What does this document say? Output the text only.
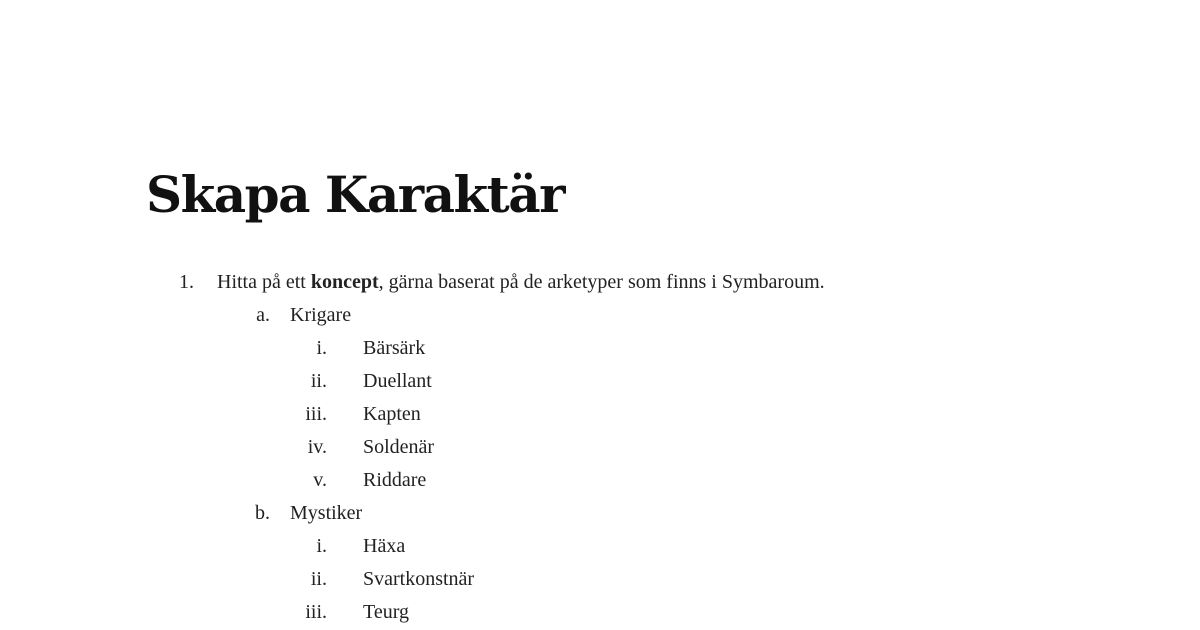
Skapa Karaktär
1. Hitta på ett koncept, gärna baserat på de arketyper som finns i Symbaroum.
a. Krigare
i. Bärsärk
ii. Duellant
iii. Kapten
iv. Soldenär
v. Riddare
b. Mystiker
i. Häxa
ii. Svartkonstnär
iii. Teurg
